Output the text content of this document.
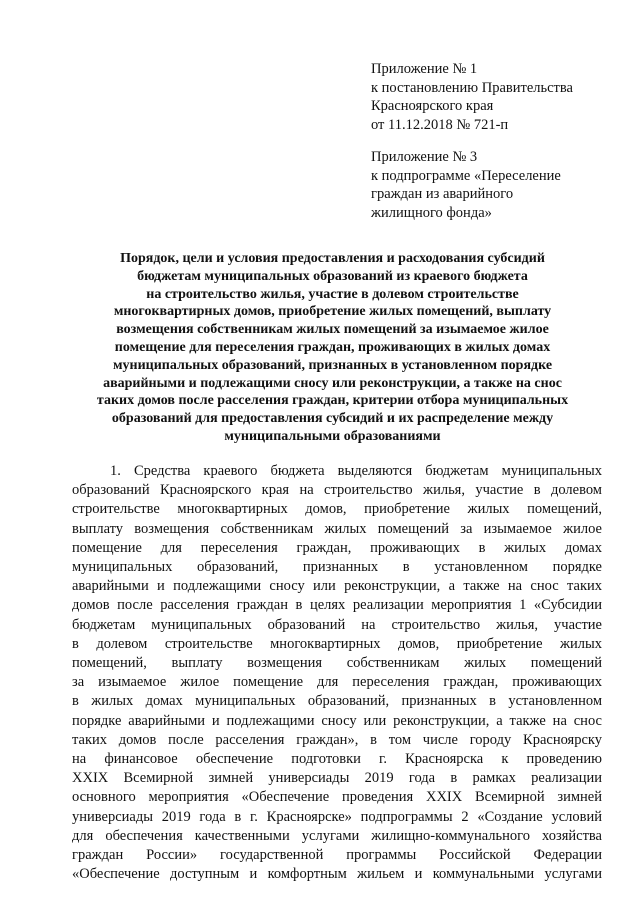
Приложение № 1
к постановлению Правительства
Красноярского края
от 11.12.2018 № 721-п
Приложение № 3
к подпрограмме «Переселение
граждан из аварийного
жилищного фонда»
Порядок, цели и условия предоставления и расходования субсидий
бюджетам муниципальных образований из краевого бюджета
на строительство жилья, участие в долевом строительстве
многоквартирных домов, приобретение жилых помещений, выплату
возмещения собственникам жилых помещений за изымаемое жилое
помещение для переселения граждан, проживающих в жилых домах
муниципальных образований, признанных в установленном порядке
аварийными и подлежащими сносу или реконструкции, а также на снос
таких домов после расселения граждан, критерии отбора муниципальных
образований для предоставления субсидий и их распределение между
муниципальными образованиями
1. Средства краевого бюджета выделяются бюджетам муниципальных
образований Красноярского края на строительство жилья, участие в долевом
строительстве многоквартирных домов, приобретение жилых помещений,
выплату возмещения собственникам жилых помещений за изымаемое жилое
помещение для переселения граждан, проживающих в жилых домах
муниципальных образований, признанных в установленном порядке
аварийными и подлежащими сносу или реконструкции, а также на снос таких
домов после расселения граждан в целях реализации мероприятия 1 «Субсидии
бюджетам муниципальных образований на строительство жилья, участие
в долевом строительстве многоквартирных домов, приобретение жилых
помещений, выплату возмещения собственникам жилых помещений
за изымаемое жилое помещение для переселения граждан, проживающих
в жилых домах муниципальных образований, признанных в установленном
порядке аварийными и подлежащими сносу или реконструкции, а также на снос
таких домов после расселения граждан», в том числе городу Красноярску
на финансовое обеспечение подготовки г. Красноярска к проведению
XXIX Всемирной зимней универсиады 2019 года в рамках реализации
основного мероприятия «Обеспечение проведения XXIX Всемирной зимней
универсиады 2019 года в г. Красноярске» подпрограммы 2 «Создание условий
для обеспечения качественными услугами жилищно-коммунального хозяйства
граждан России» государственной программы Российской Федерации
«Обеспечение доступным и комфортным жильем и коммунальными услугами
